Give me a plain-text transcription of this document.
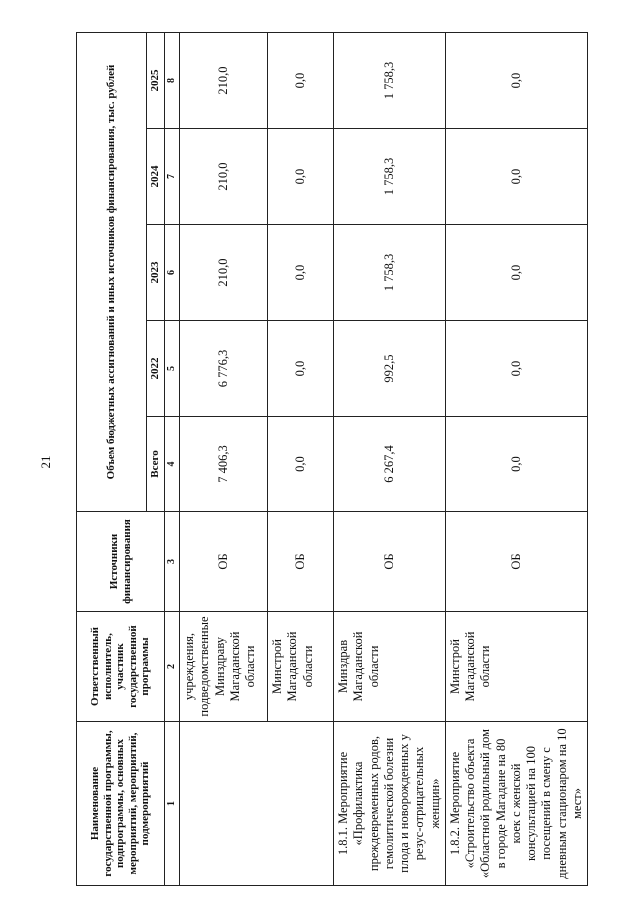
21
Наименование государственной программы, подпрограммы, основных мероприятий, мероприятий, подмероприятий	Ответственный исполнитель, участник государственной программы	Источники финансирования	Объем бюджетных ассигнований и иных источников финансирования, тыс. рублей				
			Всего	2022	2023	2024	2025
1	2	3	4	5	6	7	8
	учреждения, подведомственные Минздраву Магаданской области	ОБ	7 406,3	6 776,3	210,0	210,0	210,0
	Минстрой Магаданской области	ОБ	0,0	0,0	0,0	0,0	0,0
1.8.1. Мероприятие «Профилактика преждевременных родов, гемолитической болезни плода и новорожденных у резус-отрицательных женщин»	Минздрав Магаданской области	ОБ	6 267,4	992,5	1 758,3	1 758,3	1 758,3
1.8.2. Мероприятие «Строительство объекта «Областной родильный дом в городе Магадане на 80 коек с женской консультацией на 100 посещений в смену с дневным стационаром на 10 мест»	Минстрой Магаданской области	ОБ	0,0	0,0	0,0	0,0	0,0
